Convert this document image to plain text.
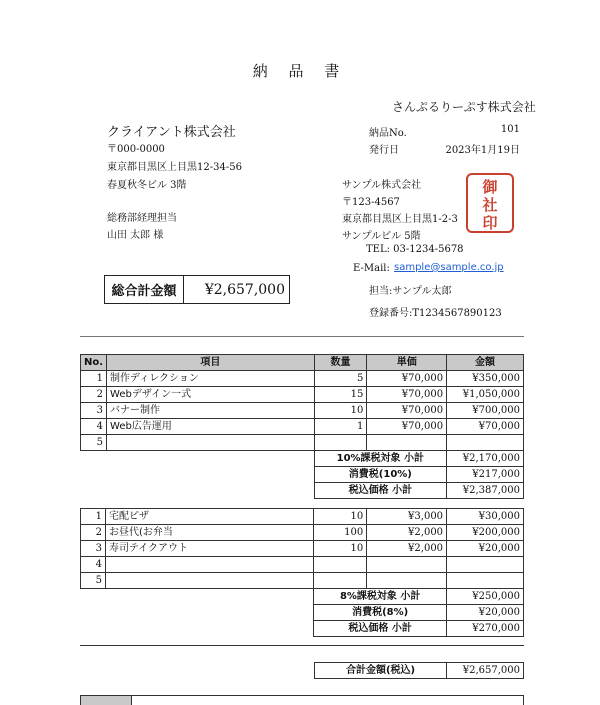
納 品 書
さんぷるりーぷす株式会社
クライアント株式会社
〒000-0000
東京都目黒区上目黒12-34-56
春夏秋冬ビル 3階
総務部経理担当
山田 太郎 様
納品No.	101
発行日	2023年1月19日
サンプル株式会社
〒123-4567
東京都目黒区上目黒1-2-3
サンプルビル 5階
TEL: 03-1234-5678
E-Mail: sample@sample.co.jp
担当:サンプル太郎
登録番号:T1234567890123
御
社
印
総合計金額	¥2,657,000
No.	項目	数量	単価	金額
1	制作ディレクション	5	¥70,000	¥350,000
2	Webデザイン一式	15	¥70,000	¥1,050,000
3	バナー制作	10	¥70,000	¥700,000
4	Web広告運用	1	¥70,000	¥70,000
5				
		10%課税対象 小計		¥2,170,000
		消費税(10%)		¥217,000
		税込価格 小計		¥2,387,000
1	宅配ピザ	10	¥3,000	¥30,000
2	お昼代(お弁当	100	¥2,000	¥200,000
3	寿司テイクアウト	10	¥2,000	¥20,000
4				
5				
		8%課税対象 小計		¥250,000
		消費税(8%)		¥20,000
		税込価格 小計		¥270,000
合計金額(税込)	¥2,657,000
